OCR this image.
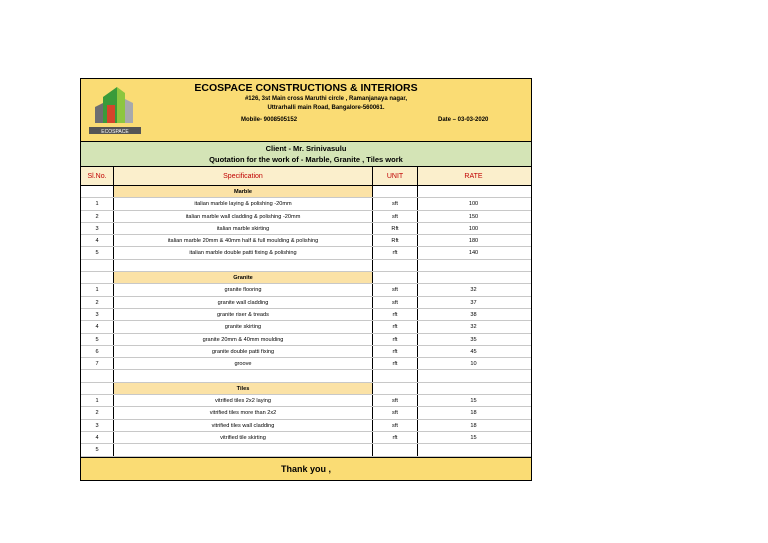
ECOSPACE
ECOSPACE CONSTRUCTIONS & INTERIORS
#126, 3st Main cross Maruthi circle , Ramanjanaya nagar,
Uttrarhalli main Road, Bangalore-560061.
Mobile- 9008505152	Date – 03-03-2020
Client - Mr. Srinivasulu
Quotation for the work of - Marble, Granite , Tiles work
Sl.No.	Specification	UNIT	RATE
Marble
1	italian marble laying & polishing -20mm	sft	100
2	italian marble wall cladding & polishing -20mm	sft	150
3	italian marble skirting	Rft	100
4	italian marble 20mm & 40mm half & full moulding & polishing	Rft	180
5	italian marble double patti fixing & polishing	rft	140
Granite
1	granite flooring	sft	32
2	granite wall cladding	sft	37
3	granite riser & treads	rft	38
4	granite skirting	rft	32
5	granite 20mm & 40mm moulding	rft	35
6	granite double patti fixing	rft	45
7	groove	rft	10
Tiles
1	vitrified tiles 2x2 laying	sft	15
2	vitrified tiles more than 2x2	sft	18
3	vitrified tiles wall cladding	sft	18
4	vitrified tile skirting	rft	15
5
Thank you ,
